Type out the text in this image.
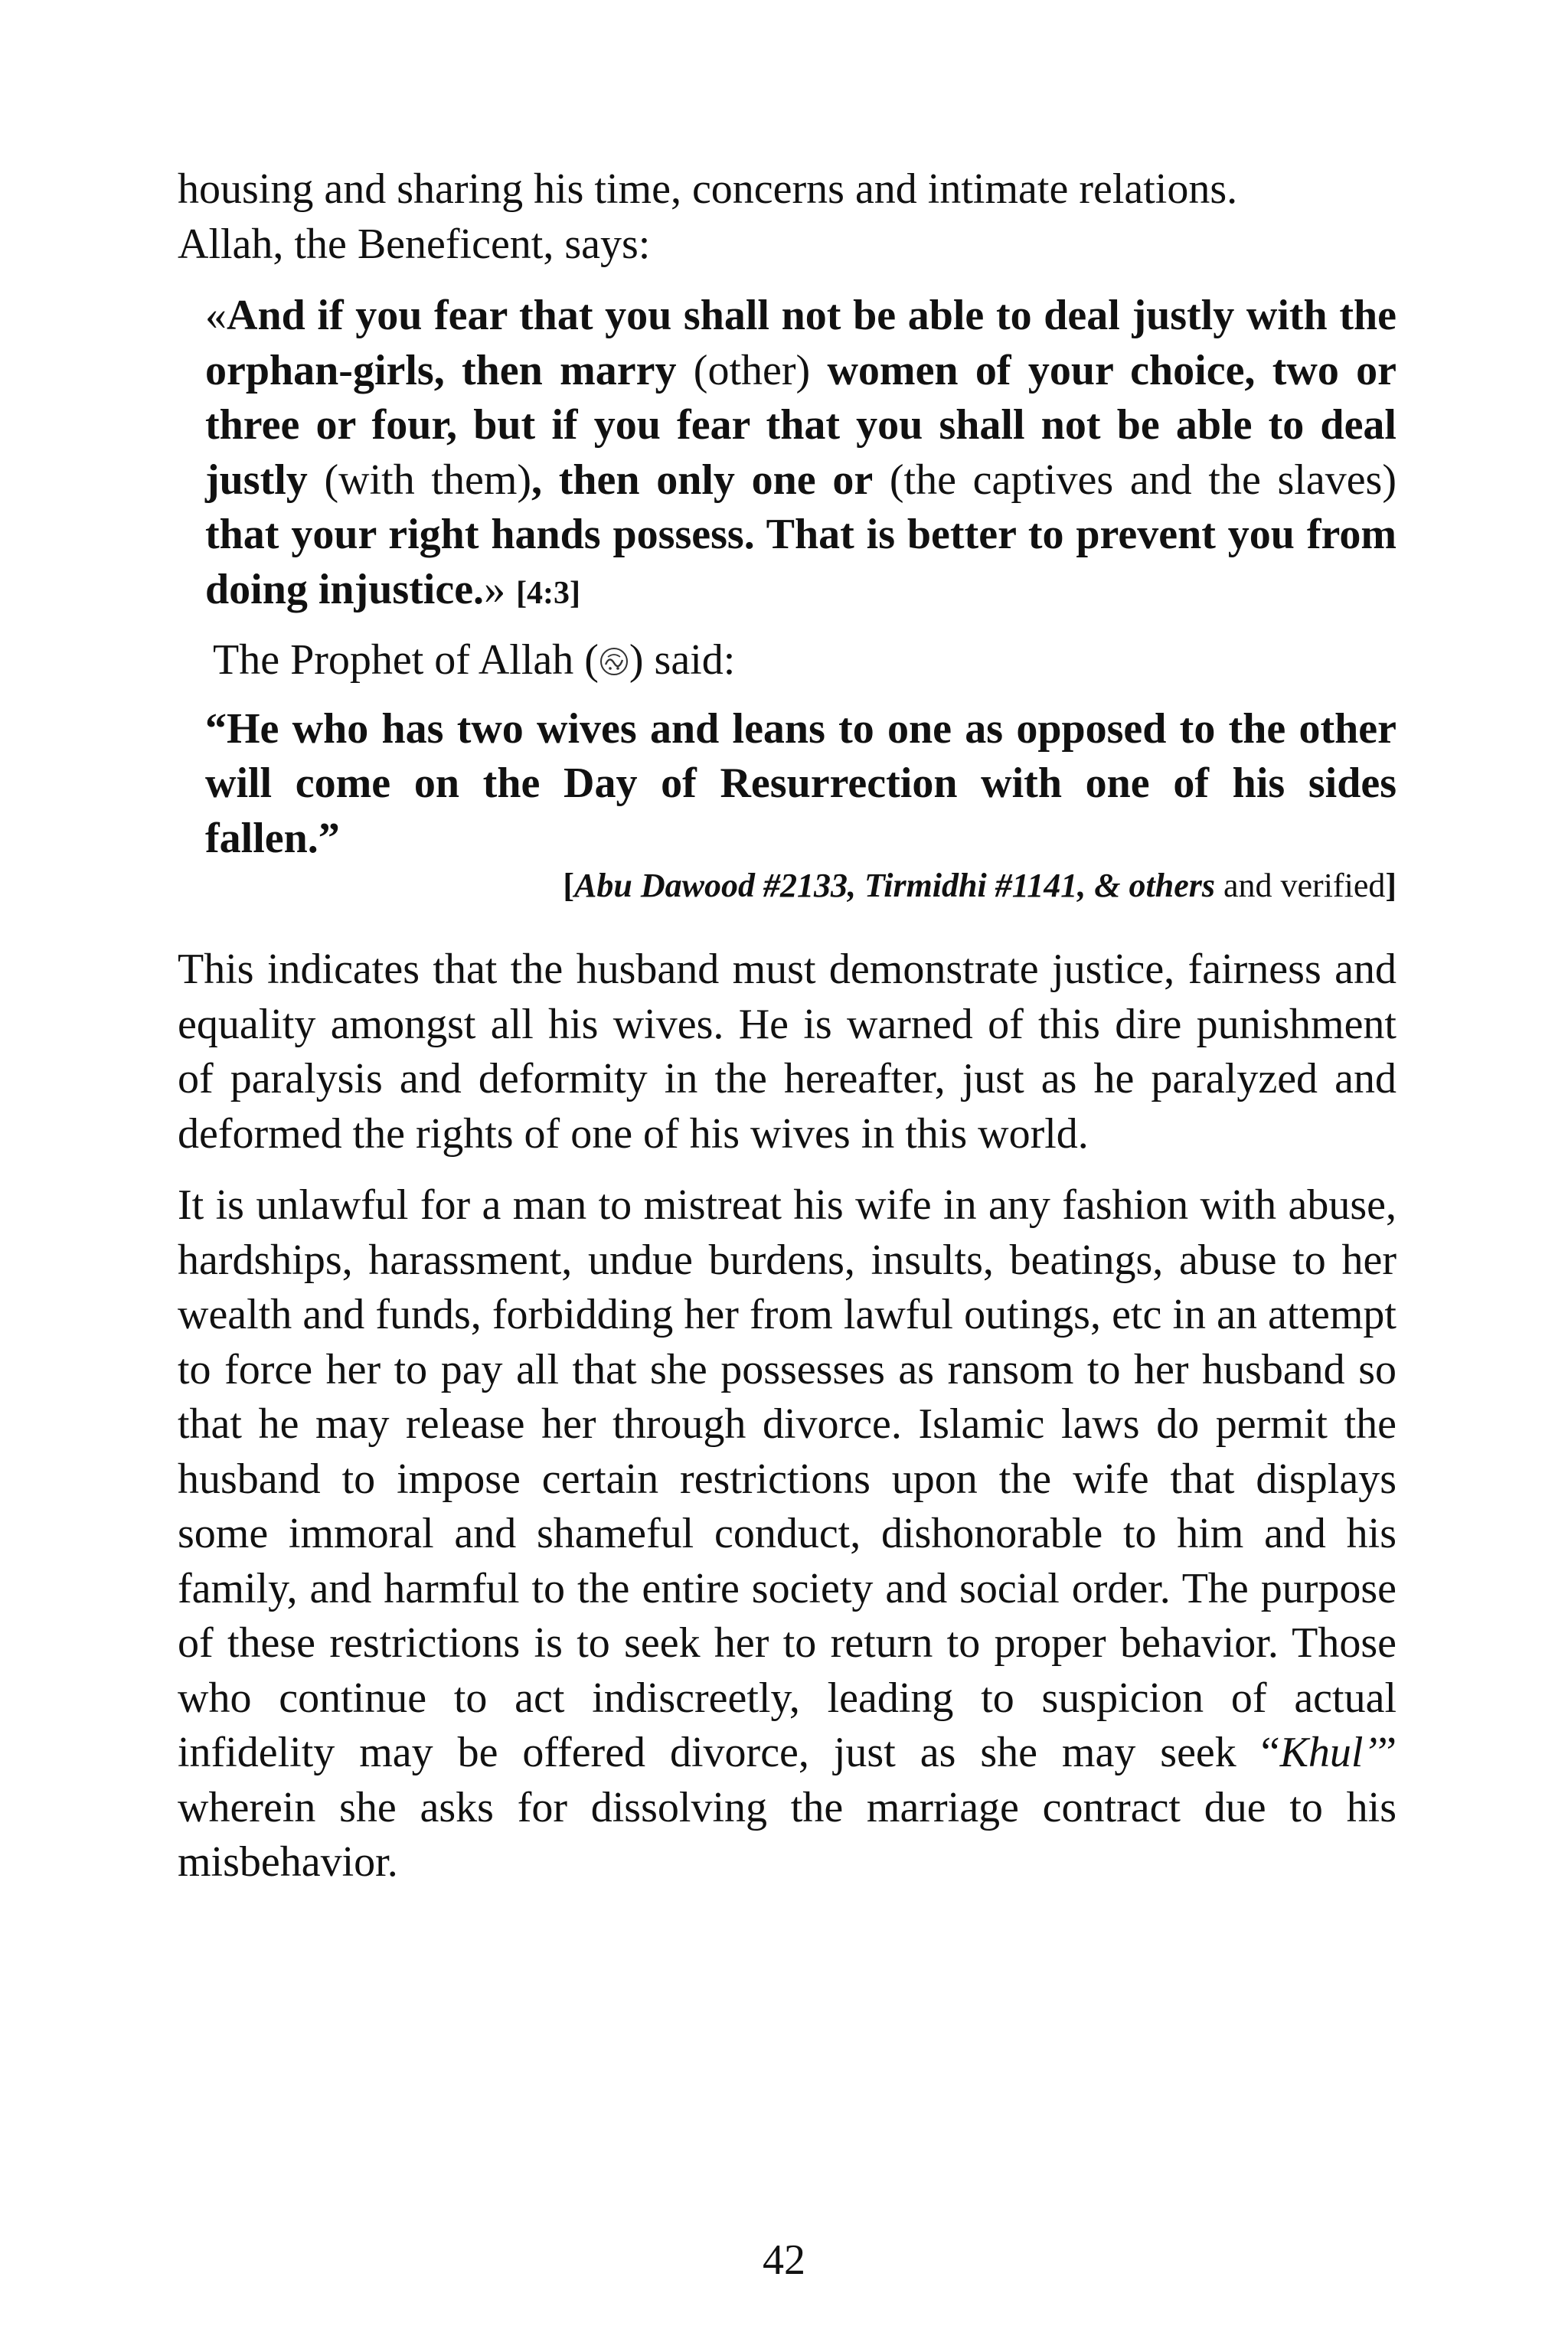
housing and sharing his time, concerns and intimate relations.
Allah, the Beneficent, says:

«And if you fear that you shall not be able to deal justly with the orphan-girls, then marry (other) women of your choice, two or three or four, but if you fear that you shall not be able to deal justly (with them), then only one or (the captives and the slaves) that your right hands possess. That is better to prevent you from doing injustice.» [4:3]

The Prophet of Allah ( ) said:

“He who has two wives and leans to one as opposed to the other will come on the Day of Resurrection with one of his sides fallen.”

[Abu Dawood #2133, Tirmidhi #1141, & others and verified]

This indicates that the husband must demonstrate justice, fairness and equality amongst all his wives. He is warned of this dire punishment of paralysis and deformity in the hereafter, just as he paralyzed and deformed the rights of one of his wives in this world.

It is unlawful for a man to mistreat his wife in any fashion with abuse, hardships, harassment, undue burdens, insults, beatings, abuse to her wealth and funds, forbidding her from lawful outings, etc in an attempt to force her to pay all that she possesses as ransom to her husband so that he may release her through divorce. Islamic laws do permit the husband to impose certain restrictions upon the wife that displays some immoral and shameful conduct, dishonorable to him and his family, and harmful to the entire society and social order. The purpose of these restrictions is to seek her to return to proper behavior. Those who continue to act indiscreetly, leading to suspicion of actual infidelity may be offered divorce, just as she may seek “Khul’” wherein she asks for dissolving the marriage contract due to his misbehavior.

42
